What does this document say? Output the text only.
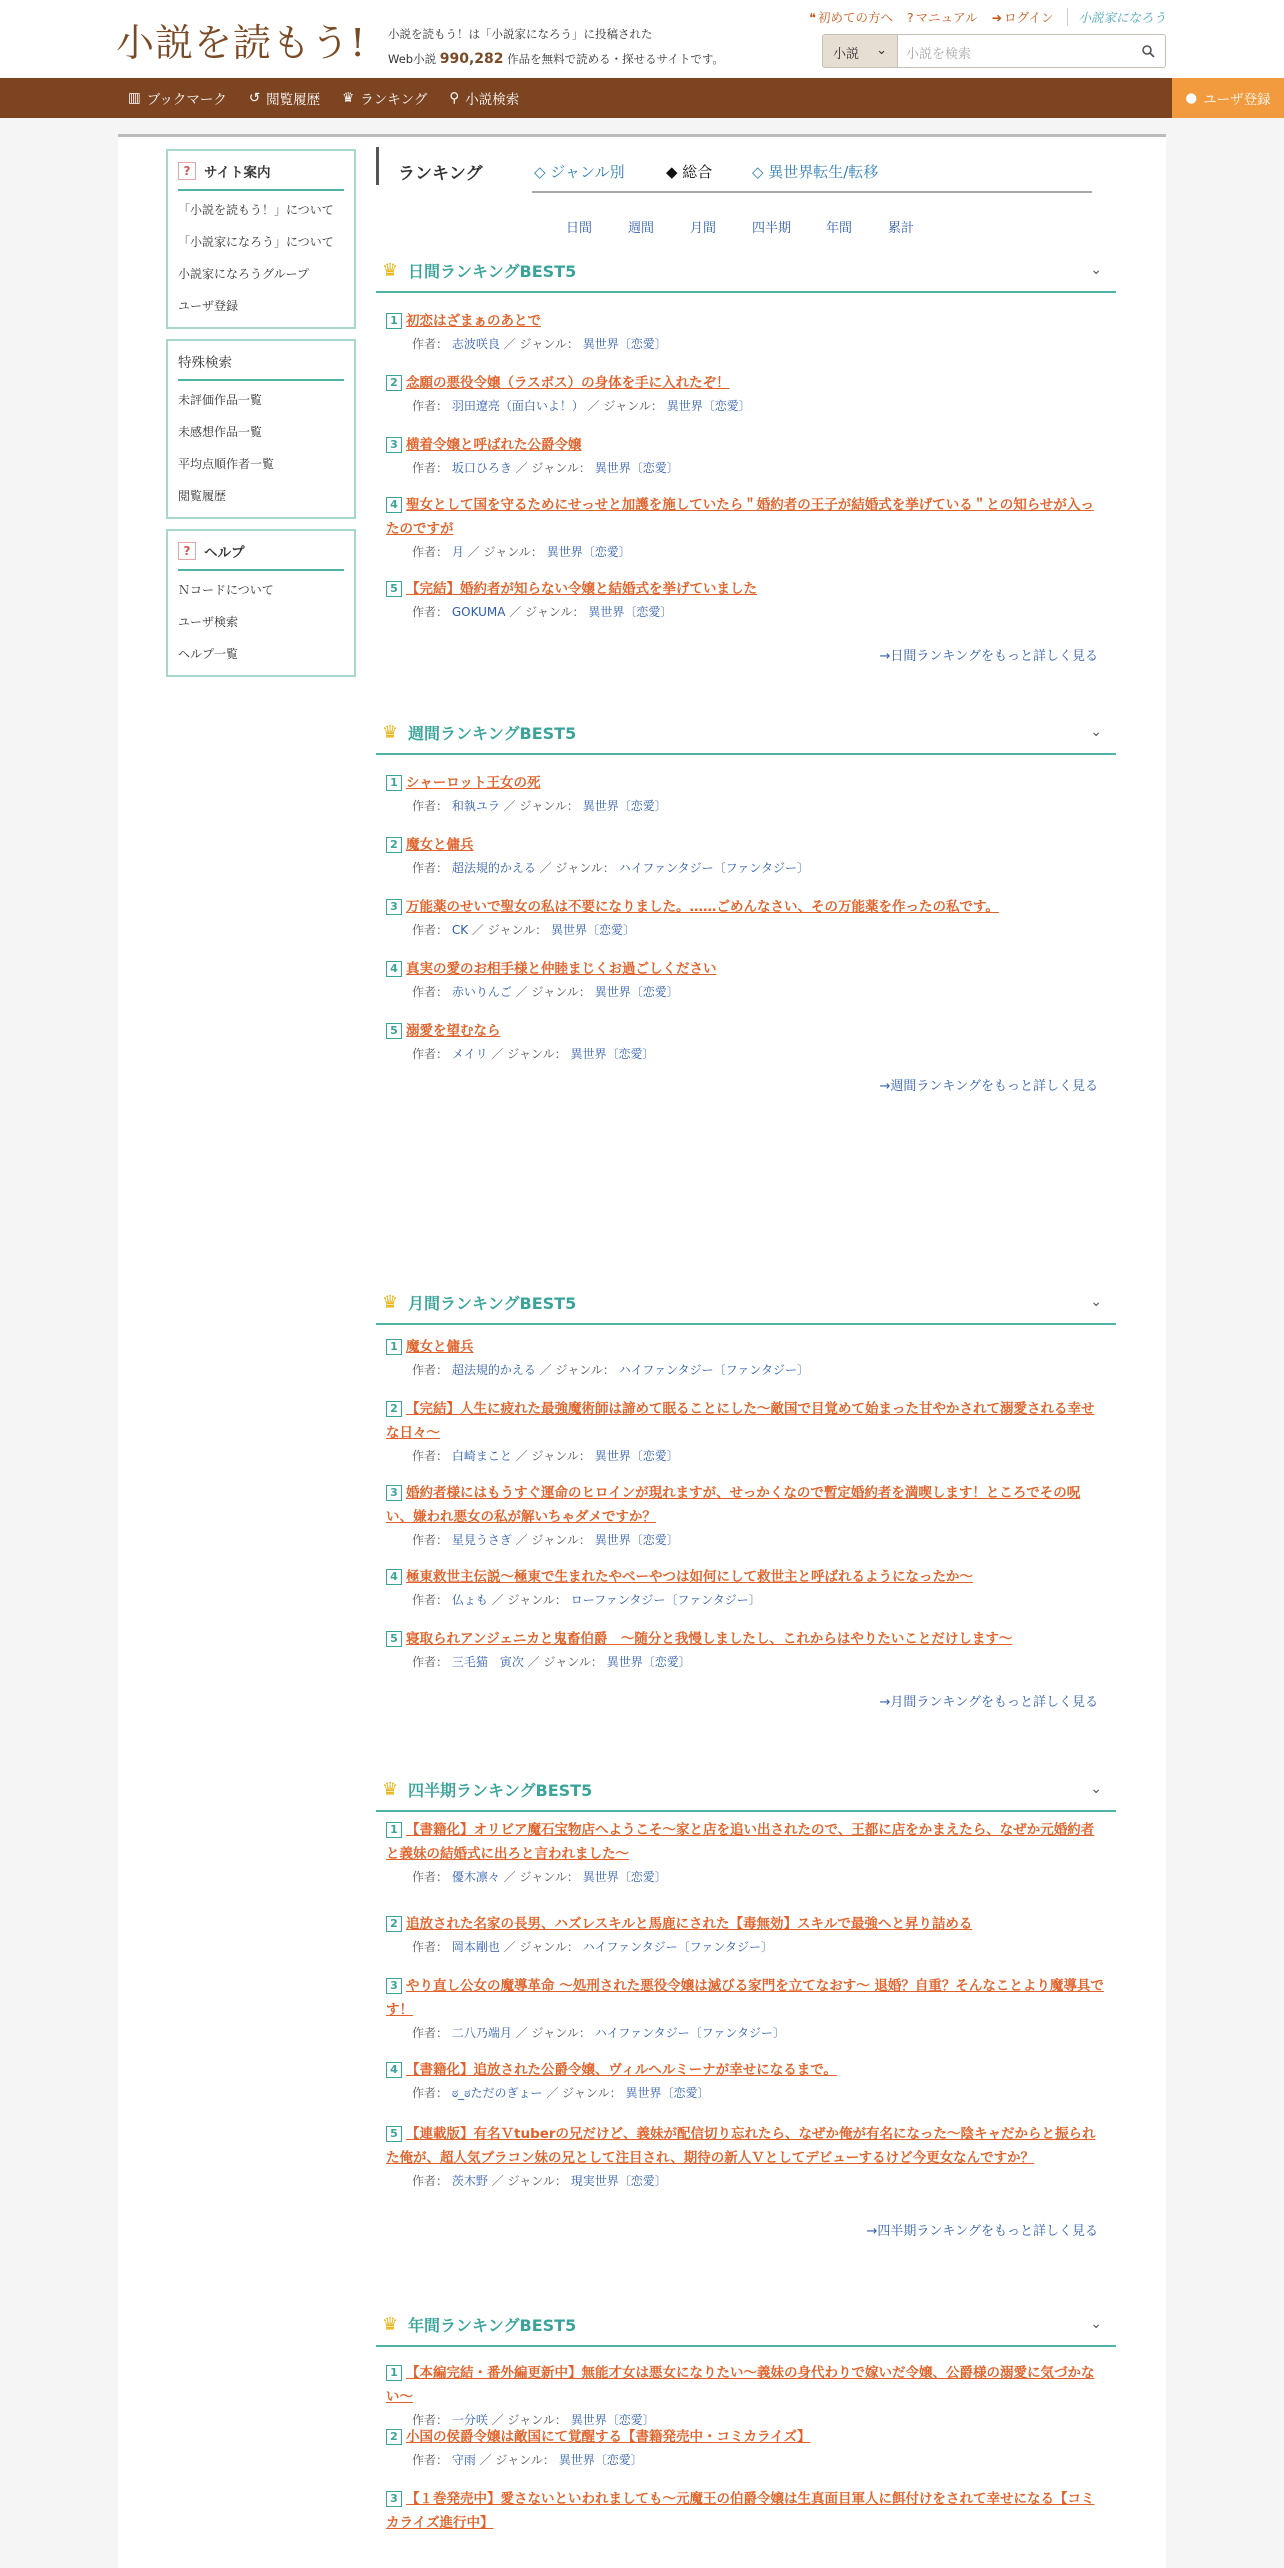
小説を読もう! 小説を読もう！は「小説家になろう」に投稿された
Web小説 990,282 作品を無料で読める・探せるサイトです。
❝ 初めての方へ ? マニュアル ➜ ログイン	小説家になろう
小説 ⌄	小説を検索
▥ ブックマーク ↺ 閲覧履歴 ♛ ランキング ⚲ 小説検索	● ユーザ登録
?	サイト案内
「小説を読もう！」について
「小説家になろう」について
小説家になろうグループ
ユーザ登録
特殊検索
未評価作品一覧
未感想作品一覧
平均点順作者一覧
閲覧履歴
?	ヘルプ
Ｎコードについて
ユーザ検索
ヘルプ一覧
ランキング	◇ ジャンル別	◆ 総合	◇ 異世界転生/転移
日間	週間	月間	四半期	年間	累計
♛ 日間ランキングBEST5	⌄
1 初恋はざまぁのあとで
作者： 志波咲良 ／ ジャンル： 異世界〔恋愛〕
2 念願の悪役令嬢（ラスボス）の身体を手に入れたぞ！
作者： 羽田遼亮（面白いよ！） ／ ジャンル： 異世界〔恋愛〕
3 横着令嬢と呼ばれた公爵令嬢
作者： 坂口ひろき ／ ジャンル： 異世界〔恋愛〕
4 聖女として国を守るためにせっせと加護を施していたら＂婚約者の王子が結婚式を挙げている＂との知らせが入ったのですが
作者： 月 ／ ジャンル： 異世界〔恋愛〕
5 【完結】婚約者が知らない令嬢と結婚式を挙げていました
作者： GOKUMA ／ ジャンル： 異世界〔恋愛〕
→日間ランキングをもっと詳しく見る
♛ 週間ランキングBEST5	⌄
1 シャーロット王女の死
作者： 和執ユラ ／ ジャンル： 異世界〔恋愛〕
2 魔女と傭兵
作者： 超法規的かえる ／ ジャンル： ハイファンタジー〔ファンタジー〕
3 万能薬のせいで聖女の私は不要になりました。……ごめんなさい、その万能薬を作ったの私です。
作者： CK ／ ジャンル： 異世界〔恋愛〕
4 真実の愛のお相手様と仲睦まじくお過ごしください
作者： 赤いりんご ／ ジャンル： 異世界〔恋愛〕
5 溺愛を望むなら
作者： メイリ ／ ジャンル： 異世界〔恋愛〕
→週間ランキングをもっと詳しく見る
♛ 月間ランキングBEST5	⌄
1 魔女と傭兵
作者： 超法規的かえる ／ ジャンル： ハイファンタジー〔ファンタジー〕
2 【完結】人生に疲れた最強魔術師は諦めて眠ることにした〜敵国で目覚めて始まった甘やかされて溺愛される幸せな日々〜
作者： 白崎まこと ／ ジャンル： 異世界〔恋愛〕
3 婚約者様にはもうすぐ運命のヒロインが現れますが、せっかくなので暫定婚約者を満喫します！ところでその呪い、嫌われ悪女の私が解いちゃダメですか？
作者： 星見うさぎ ／ ジャンル： 異世界〔恋愛〕
4 極東救世主伝説～極東で生まれたやべーやつは如何にして救世主と呼ばれるようになったか～
作者： 仏ょも ／ ジャンル： ローファンタジー〔ファンタジー〕
5 寝取られアンジェニカと鬼畜伯爵　～随分と我慢しましたし、これからはやりたいことだけします～
作者： 三毛猫　寅次 ／ ジャンル： 異世界〔恋愛〕
→月間ランキングをもっと詳しく見る
♛ 四半期ランキングBEST5	⌄
1 【書籍化】オリビア魔石宝物店へようこそ～家と店を追い出されたので、王都に店をかまえたら、なぜか元婚約者と義妹の結婚式に出ろと言われました～
作者： 優木凛々 ／ ジャンル： 異世界〔恋愛〕
2 追放された名家の長男、ハズレスキルと馬鹿にされた【毒無効】スキルで最強へと昇り詰める
作者： 岡本剛也 ／ ジャンル： ハイファンタジー〔ファンタジー〕
3 やり直し公女の魔導革命 〜処刑された悪役令嬢は滅びる家門を立てなおす〜 退婚？自重？そんなことより魔導具です！
作者： 二八乃端月 ／ ジャンル： ハイファンタジー〔ファンタジー〕
4 【書籍化】追放された公爵令嬢、ヴィルヘルミーナが幸せになるまで。
作者： ಠ_ಠただのぎょー ／ ジャンル： 異世界〔恋愛〕
5 【連載版】有名Ｖtuberの兄だけど、義妹が配信切り忘れたら、なぜか俺が有名になった～陰キャだからと振られた俺が、超人気ブラコン妹の兄として注目され、期待の新人Ｖとしてデビューするけど今更女なんですか？
作者： 茨木野 ／ ジャンル： 現実世界〔恋愛〕
→四半期ランキングをもっと詳しく見る
♛ 年間ランキングBEST5	⌄
1 【本編完結・番外編更新中】無能才女は悪女になりたい～義妹の身代わりで嫁いだ令嬢、公爵様の溺愛に気づかない～
作者： 一分咲 ／ ジャンル： 異世界〔恋愛〕
2 小国の侯爵令嬢は敵国にて覚醒する【書籍発売中・コミカライズ】
作者： 守雨 ／ ジャンル： 異世界〔恋愛〕
3 【１巻発売中】愛さないといわれましても～元魔王の伯爵令嬢は生真面目軍人に餌付けをされて幸せになる【コミカライズ進行中】
